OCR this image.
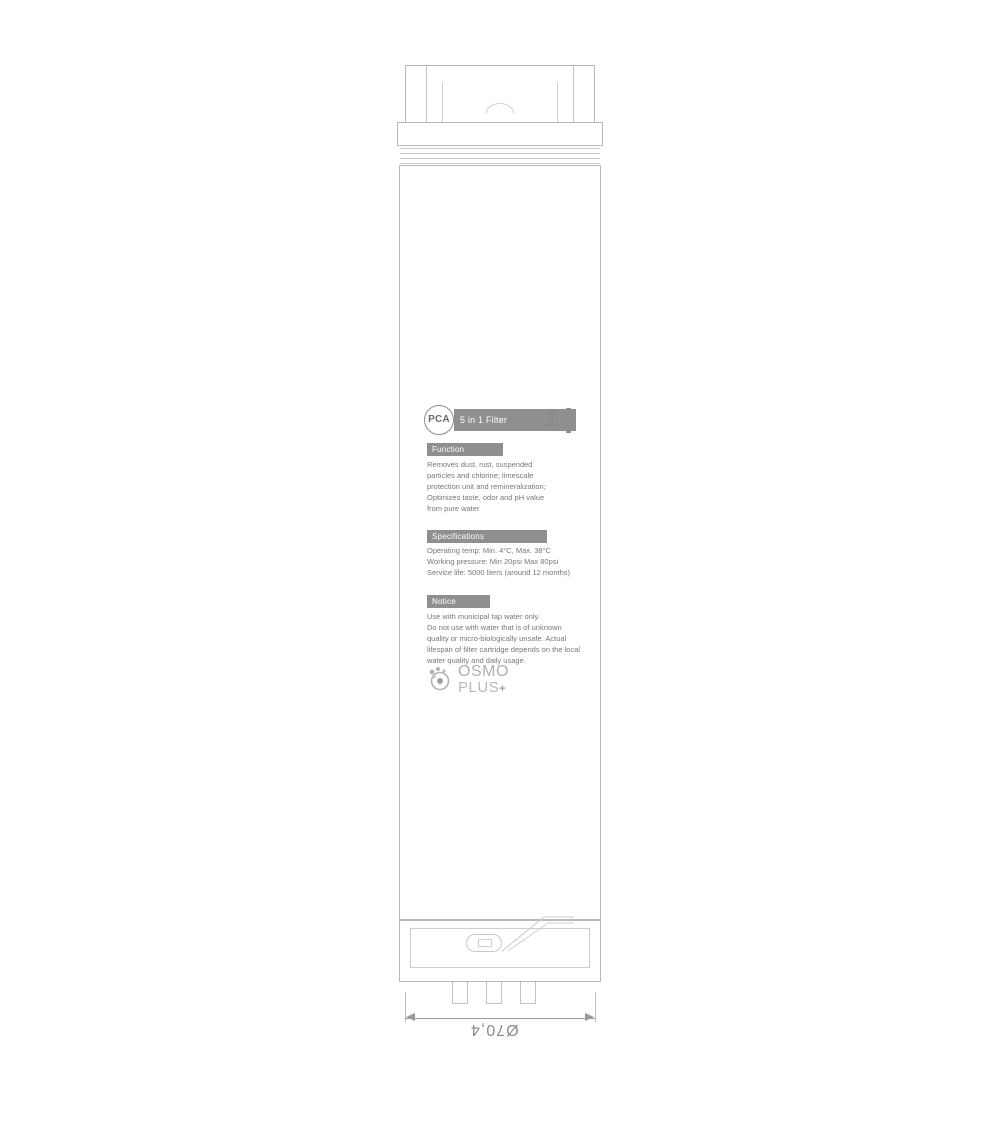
PCA	5 in 1 Filter 1
Function
Removes dust, rust, suspended
particles and chlorine; limescale
protection unit and remineralization;
Optimizes taste, odor and pH value
from pure water
Specifications
Operating temp: Min. 4°C, Max. 38°C
Working pressure: Min 20psi Max 80psi
Service life: 5000 liters (around 12 months)
Notice
Use with municipal tap water only.
Do not use with water that is of unknown
quality or micro-biologically unsafe. Actual
lifespan of filter cartridge depends on the local
water quality and daily usage.
OSMO
PLUS+
Ø70,4
